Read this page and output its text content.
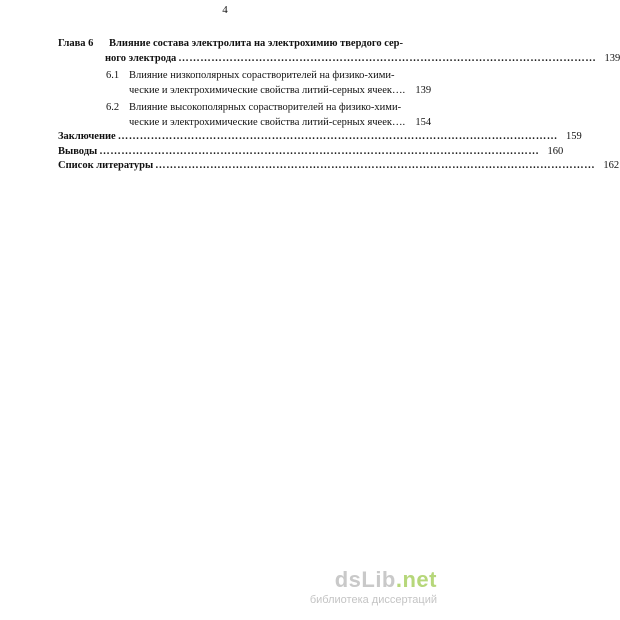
4
Глава 6 Влияние состава электролита на электрохимию твердого сер-
ного электрода …………………………………………………………………………………………………… 139
6.1 Влияние низкополярных сорастворителей на физико-хими-
ческие и электрохимические свойства литий-серных ячеек…. 139
6.2 Влияние высокополярных сорастворителей на физико-хими-
ческие и электрохимические свойства литий-серных ячеек…. 154
Заключение ………………………………………………………………………………………………………… 159
Выводы ………………………………………………………………………………………………………… 160
Список литературы ………………………………………………………………………………………………………… 162
dsLib.net
библиотека диссертаций
